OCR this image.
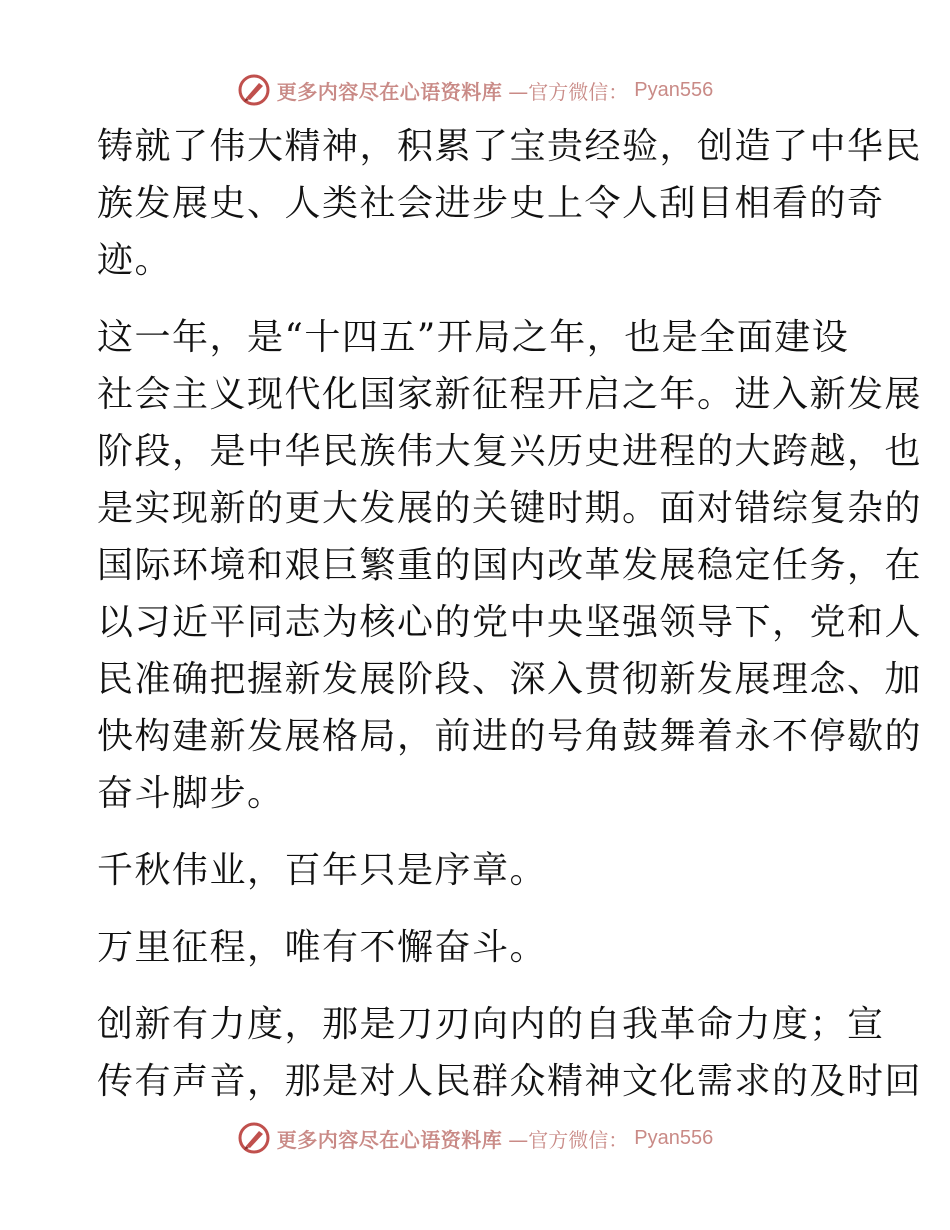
更多内容尽在心语资料库 —官方微信： Pyan556

铸就了伟大精神，积累了宝贵经验，创造了中华民
族发展史、人类社会进步史上令人刮目相看的奇
迹。

这一年，是“十四五”开局之年，也是全面建设
社会主义现代化国家新征程开启之年。进入新发展
阶段，是中华民族伟大复兴历史进程的大跨越，也
是实现新的更大发展的关键时期。面对错综复杂的
国际环境和艰巨繁重的国内改革发展稳定任务，在
以习近平同志为核心的党中央坚强领导下，党和人
民准确把握新发展阶段、深入贯彻新发展理念、加
快构建新发展格局，前进的号角鼓舞着永不停歇的
奋斗脚步。

千秋伟业，百年只是序章。

万里征程，唯有不懈奋斗。

创新有力度，那是刀刃向内的自我革命力度；宣
传有声音，那是对人民群众精神文化需求的及时回

更多内容尽在心语资料库 —官方微信： Pyan556
